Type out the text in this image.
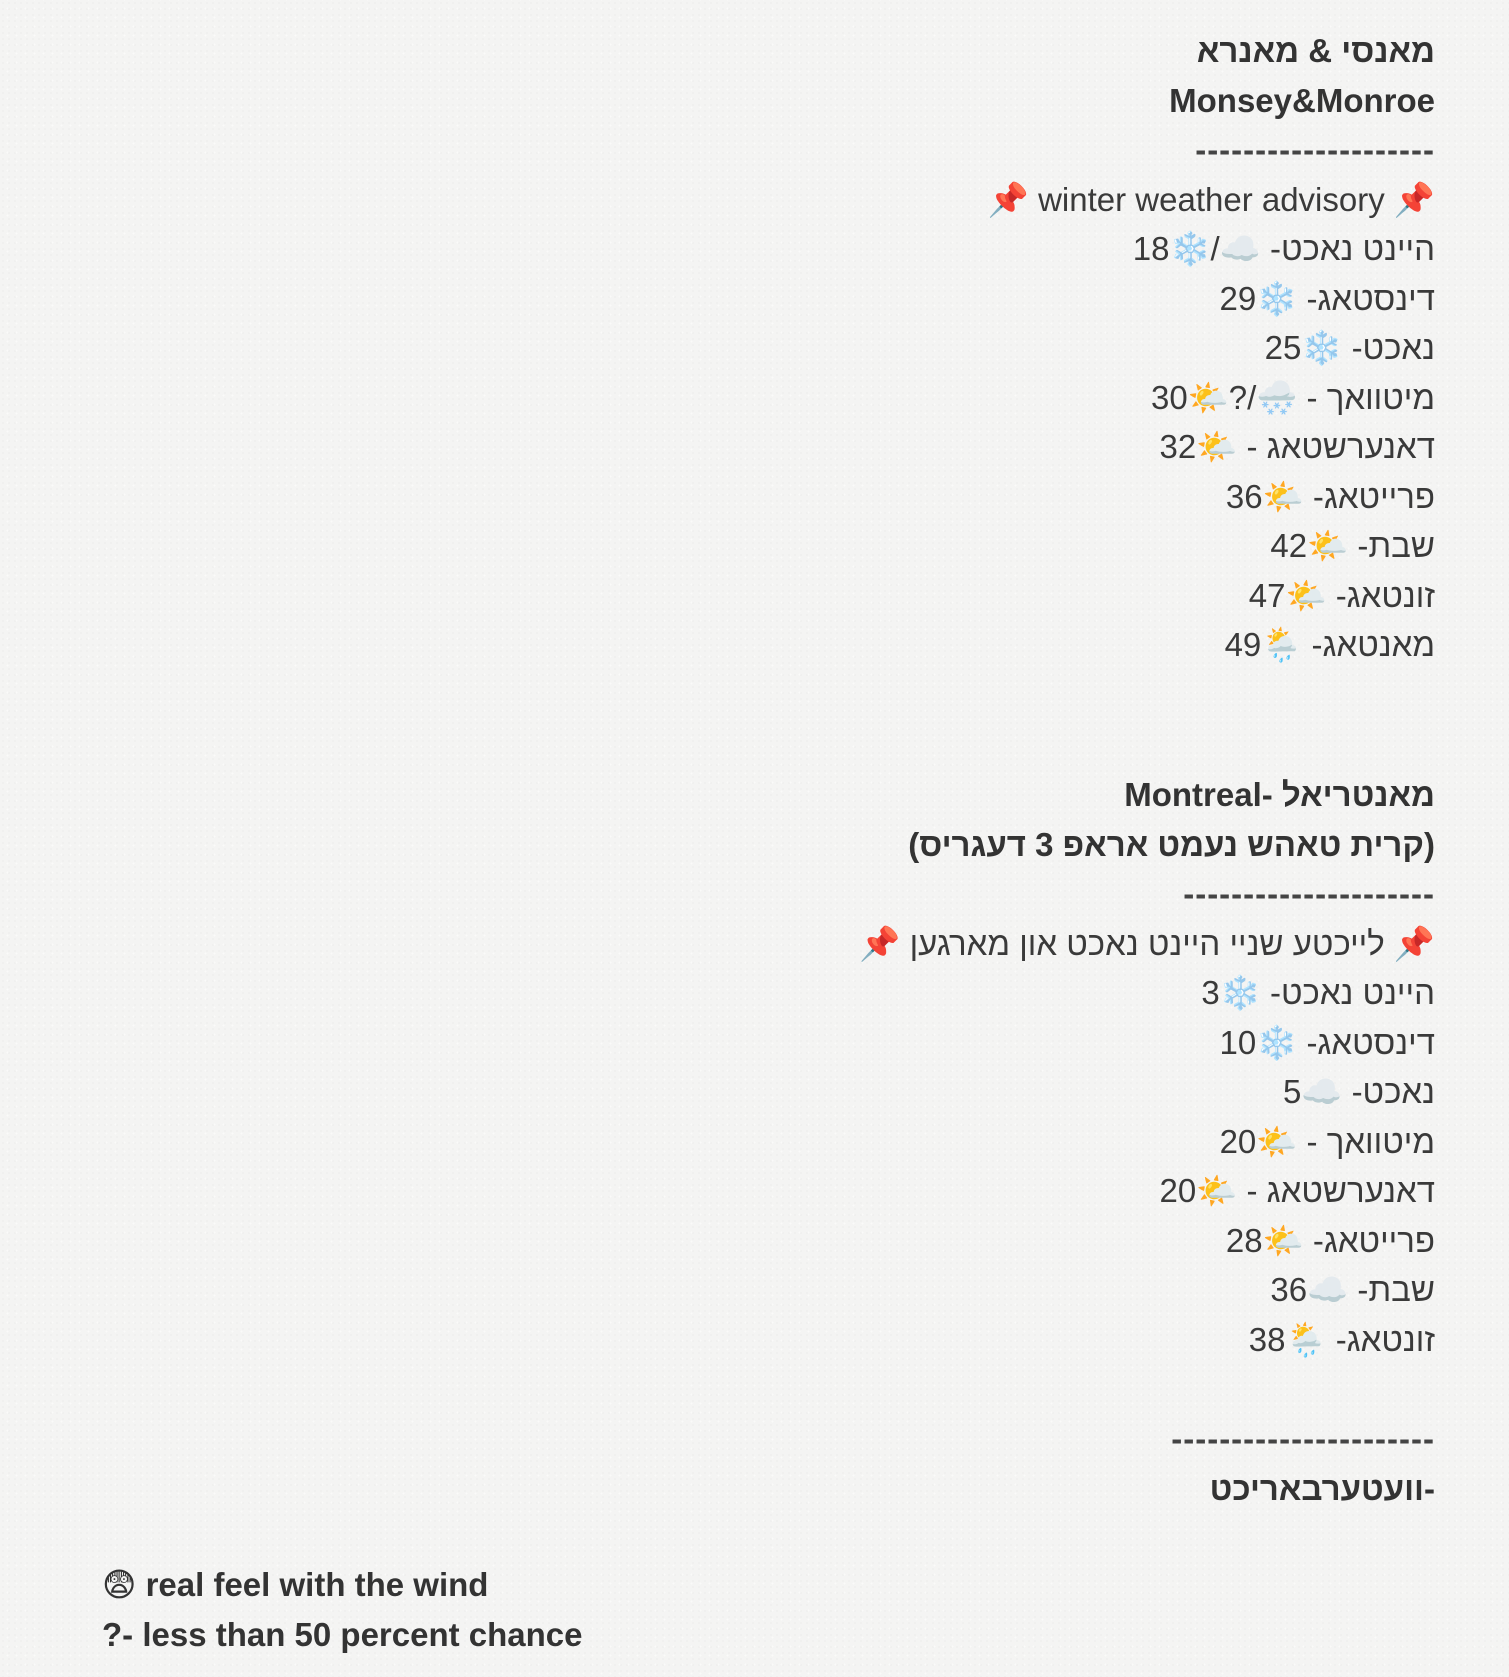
מאנסי & מאנרא
Monsey&Monroe
--------------------
📌 winter weather advisory 📌
היינט נאכט- ☁️/❄️18
דינסטאג- ❄️29
נאכט- ❄️25
מיטוואך - 🌨️/?🌤️30
דאנערשטאג - 🌤️32
פרייטאג- 🌤️36
שבת- 🌤️42
זונטאג- 🌤️47
מאנטאג- 🌦️49
מאנטריאל -Montreal
(קרית טאהש נעמט אראפ 3 דעגריס)
---------------------
📌 לייכטע שניי היינט נאכט און מארגען 📌
היינט נאכט- ❄️3
דינסטאג- ❄️10
נאכט- ☁️5
מיטוואך - 🌤️20
דאנערשטאג - 🌤️20
פרייטאג- 🌤️28
שבת- ☁️36
זונטאג- 🌦️38
----------------------
-וועטערבאריכט
😨 real feel with the wind
?- less than 50 percent chance
